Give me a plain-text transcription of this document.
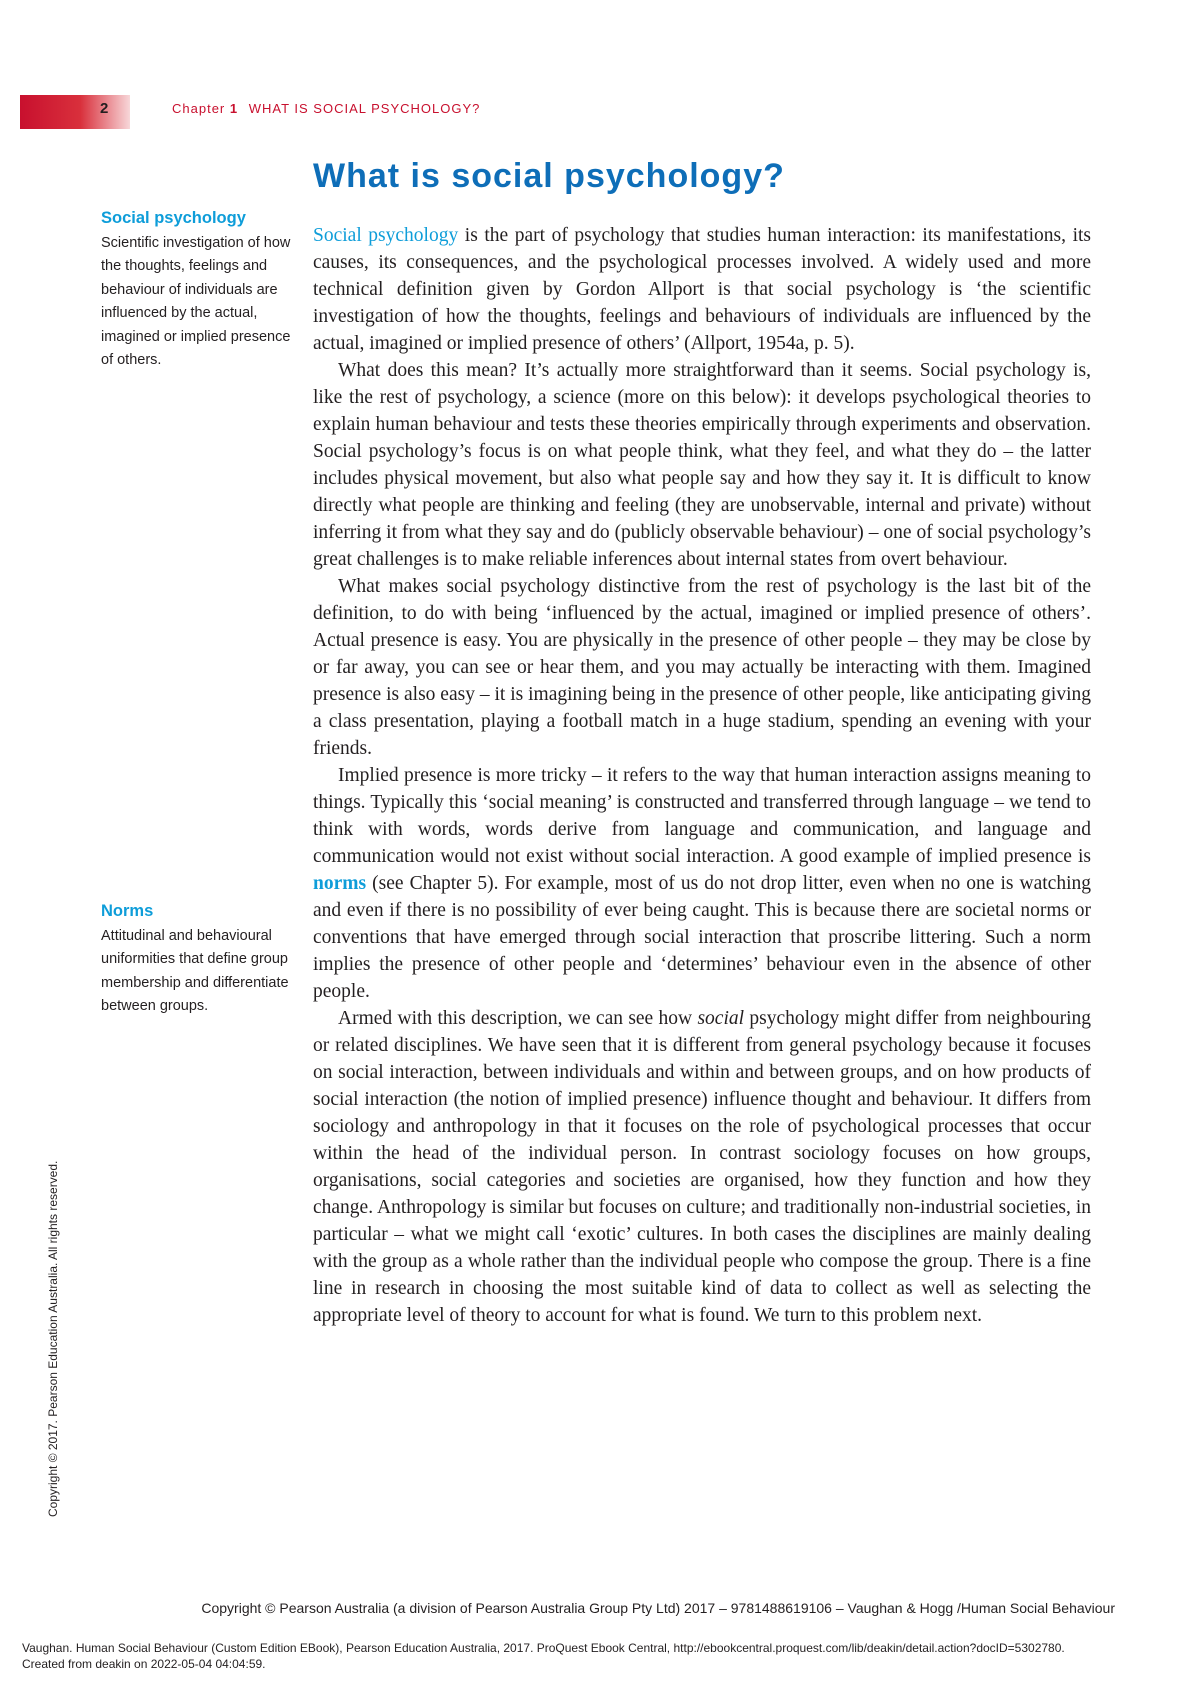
2	Chapter 1 WHAT IS SOCIAL PSYCHOLOGY?
What is social psychology?
Social psychology
Scientific investigation of how the thoughts, feelings and behaviour of individuals are influenced by the actual, imagined or implied presence of others.
Norms
Attitudinal and behavioural uniformities that define group membership and differentiate between groups.

Social psychology is the part of psychology that studies human interaction: its manifestations, its causes, its consequences, and the psychological processes involved. A widely used and more technical definition given by Gordon Allport is that social psychology is ‘the scientific investigation of how the thoughts, feelings and behaviours of individuals are influenced by the actual, imagined or implied presence of others’ (Allport, 1954a, p. 5).

What does this mean? It’s actually more straightforward than it seems. Social psychology is, like the rest of psychology, a science (more on this below): it develops psychological theories to explain human behaviour and tests these theories empirically through experiments and observation. Social psychology’s focus is on what people think, what they feel, and what they do – the latter includes physical movement, but also what people say and how they say it. It is difficult to know directly what people are thinking and feeling (they are unobservable, internal and private) without inferring it from what they say and do (publicly observable behaviour) – one of social psychology’s great challenges is to make reliable inferences about internal states from overt behaviour.

What makes social psychology distinctive from the rest of psychology is the last bit of the definition, to do with being ‘influenced by the actual, imagined or implied presence of others’. Actual presence is easy. You are physically in the presence of other people – they may be close by or far away, you can see or hear them, and you may actually be interacting with them. Imagined presence is also easy – it is imagining being in the presence of other people, like anticipating giving a class presentation, playing a football match in a huge stadium, spending an evening with your friends.

Implied presence is more tricky – it refers to the way that human interaction assigns meaning to things. Typically this ‘social meaning’ is constructed and transferred through language – we tend to think with words, words derive from language and communication, and language and communication would not exist without social interaction. A good example of implied presence is norms (see Chapter 5). For example, most of us do not drop litter, even when no one is watching and even if there is no possibility of ever being caught. This is because there are societal norms or conventions that have emerged through social interaction that proscribe littering. Such a norm implies the presence of other people and ‘determines’ behaviour even in the absence of other people.

Armed with this description, we can see how social psychology might differ from neighbouring or related disciplines. We have seen that it is different from general psychology because it focuses on social interaction, between individuals and within and between groups, and on how products of social interaction (the notion of implied presence) influence thought and behaviour. It differs from sociology and anthropology in that it focuses on the role of psychological processes that occur within the head of the individual person. In contrast sociology focuses on how groups, organisations, social categories and societies are organised, how they function and how they change. Anthropology is similar but focuses on culture; and traditionally non-industrial societies, in particular – what we might call ‘exotic’ cultures. In both cases the disciplines are mainly dealing with the group as a whole rather than the individual people who compose the group. There is a fine line in research in choosing the most suitable kind of data to collect as well as selecting the appropriate level of theory to account for what is found. We turn to this problem next.

Copyright © 2017. Pearson Education Australia. All rights reserved.
Copyright © Pearson Australia (a division of Pearson Australia Group Pty Ltd) 2017 – 9781488619106 – Vaughan & Hogg /Human Social Behaviour
Vaughan. Human Social Behaviour (Custom Edition EBook), Pearson Education Australia, 2017. ProQuest Ebook Central, http://ebookcentral.proquest.com/lib/deakin/detail.action?docID=5302780.
Created from deakin on 2022-05-04 04:04:59.
